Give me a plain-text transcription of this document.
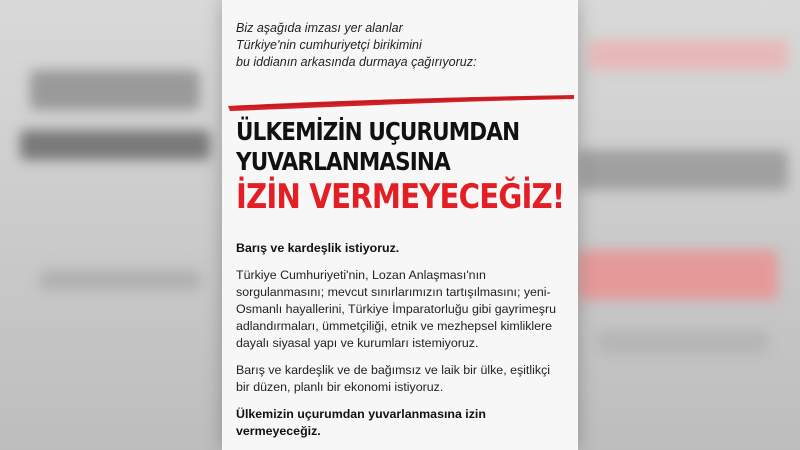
Biz aşağıda imzası yer alanlar
Türkiye'nin cumhuriyetçi birikimini
bu iddianın arkasında durmaya çağırıyoruz:
ÜLKEMİZİN UÇURUMDAN
YUVARLANMASINA
İZİN VERMEYECEĞİZ!

Barış ve kardeşlik istiyoruz.

Türkiye Cumhuriyeti'nin, Lozan Anlaşması'nın sorgulanmasını; mevcut sınırlarımızın tartışılmasını; yeni-Osmanlı hayallerini, Türkiye İmparatorluğu gibi gayrimeşru adlandırmaları, ümmetçiliği, etnik ve mezhepsel kimliklere dayalı siyasal yapı ve kurumları istemiyoruz.

Barış ve kardeşlik ve de bağımsız ve laik bir ülke, eşitlikçi bir düzen, planlı bir ekonomi istiyoruz.

Ülkemizin uçurumdan yuvarlanmasına izin vermeyeceğiz.
